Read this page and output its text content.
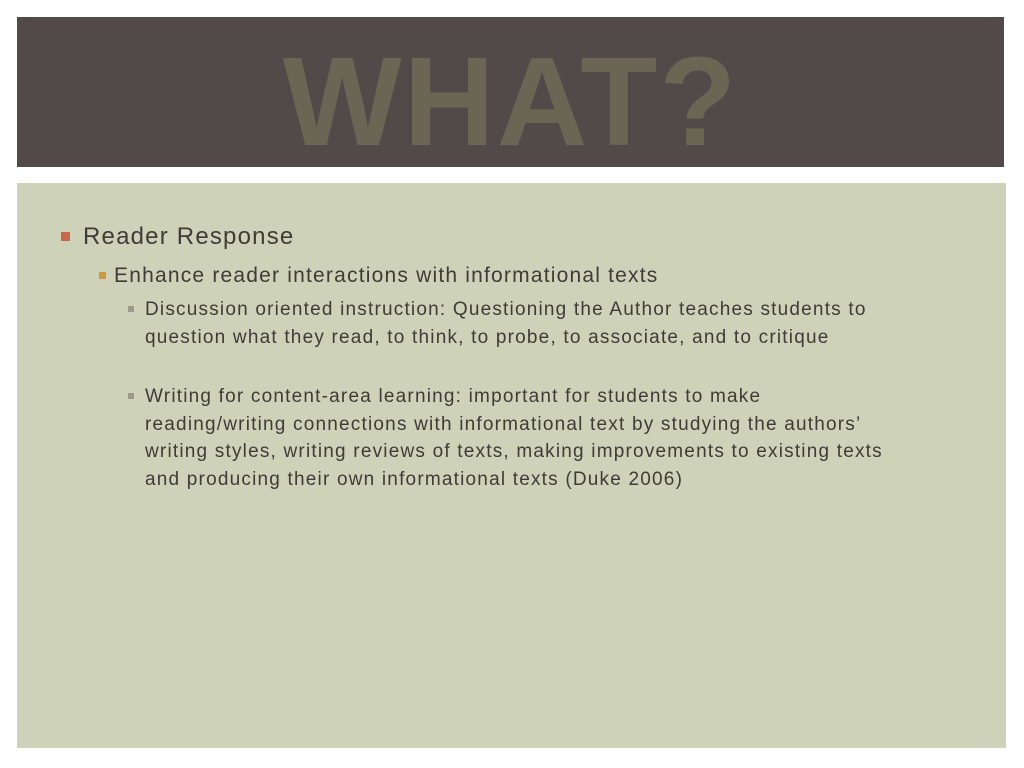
WHAT?
Reader Response
Enhance reader interactions with informational texts
Discussion oriented instruction: Questioning the Author teaches students to question what they read, to think, to probe, to associate, and to critique
Writing for content-area learning: important for students to make reading/writing connections with informational text by studying the authors’ writing styles, writing reviews of texts, making improvements to existing texts and producing their own informational texts (Duke 2006)
